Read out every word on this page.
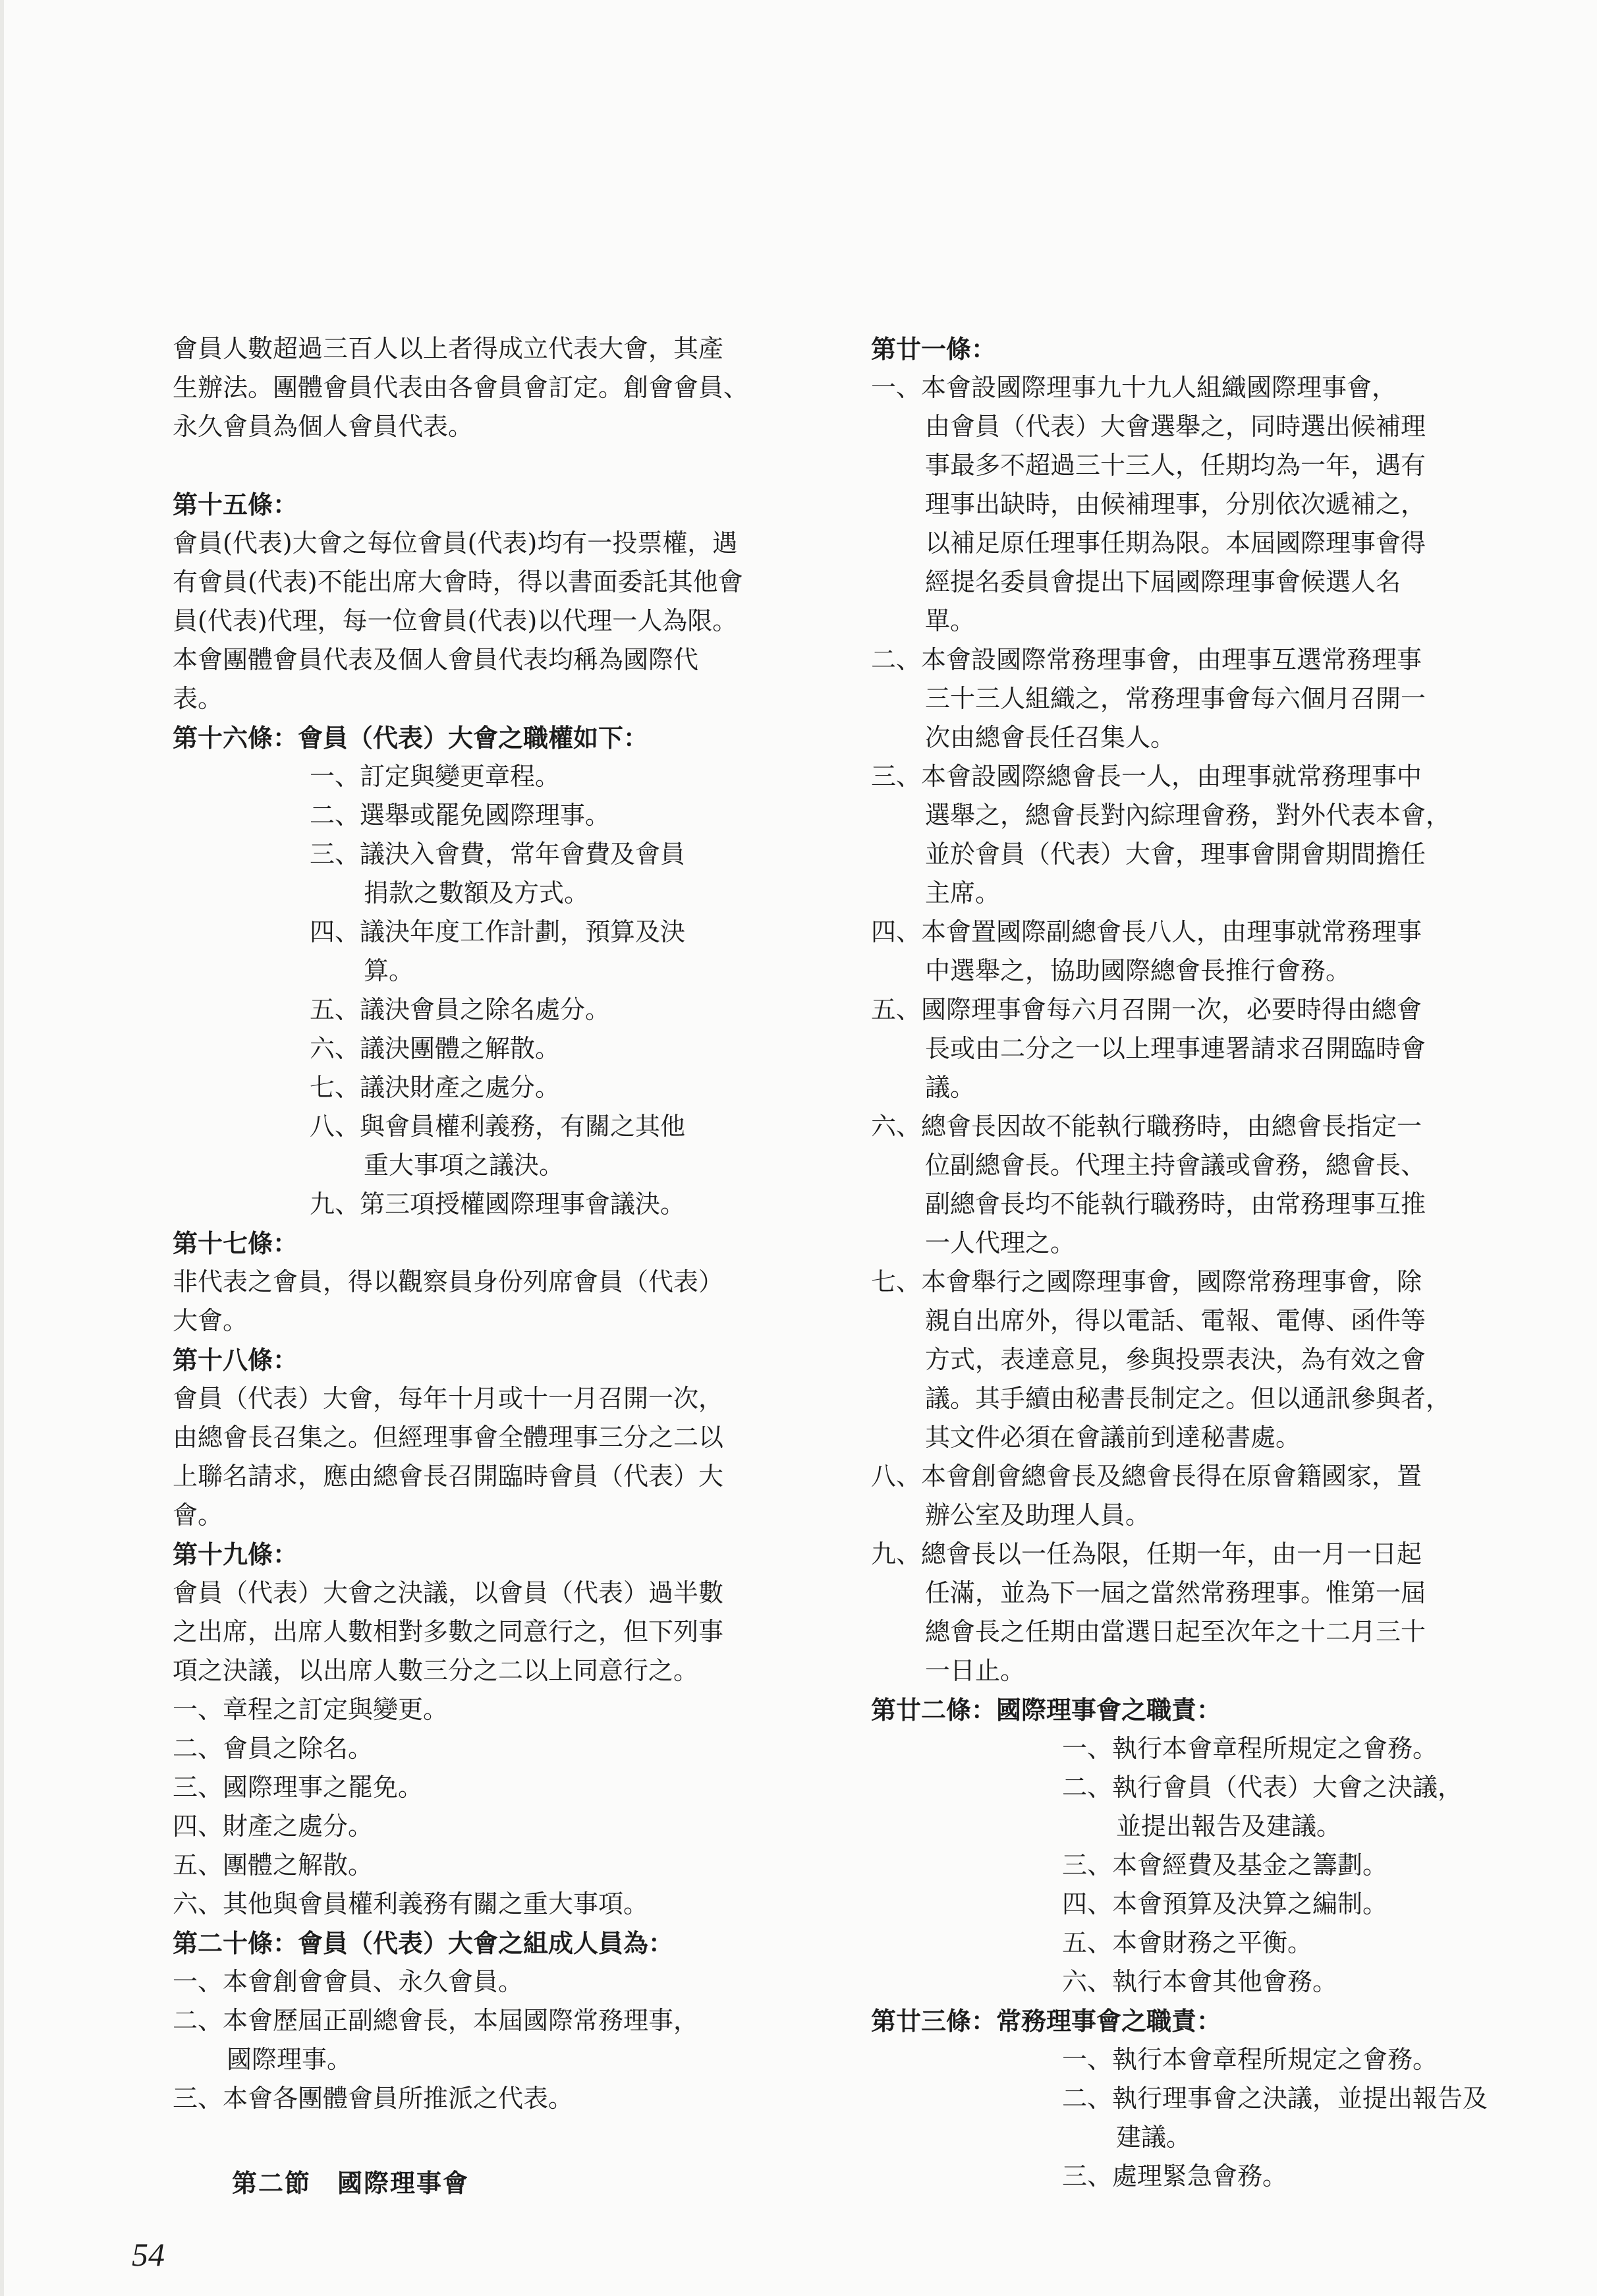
會員人數超過三百人以上者得成立代表大會，其產
生辦法。團體會員代表由各會員會訂定。創會會員、
永久會員為個人會員代表。
第十五條：
會員(代表)大會之每位會員(代表)均有一投票權，遇
有會員(代表)不能出席大會時，得以書面委託其他會
員(代表)代理，每一位會員(代表)以代理一人為限。
本會團體會員代表及個人會員代表均稱為國際代
表。
第十六條：會員（代表）大會之職權如下：
一、訂定與變更章程。
二、選舉或罷免國際理事。
三、議決入會費，常年會費及會員
捐款之數額及方式。
四、議決年度工作計劃，預算及決
算。
五、議決會員之除名處分。
六、議決團體之解散。
七、議決財產之處分。
八、與會員權利義務，有關之其他
重大事項之議決。
九、第三項授權國際理事會議決。
第十七條：
非代表之會員，得以觀察員身份列席會員（代表）
大會。
第十八條：
會員（代表）大會，每年十月或十一月召開一次，
由總會長召集之。但經理事會全體理事三分之二以
上聯名請求，應由總會長召開臨時會員（代表）大
會。
第十九條：
會員（代表）大會之決議，以會員（代表）過半數
之出席，出席人數相對多數之同意行之，但下列事
項之決議，以出席人數三分之二以上同意行之。
一、章程之訂定與變更。
二、會員之除名。
三、國際理事之罷免。
四、財產之處分。
五、團體之解散。
六、其他與會員權利義務有關之重大事項。
第二十條：會員（代表）大會之組成人員為：
一、本會創會會員、永久會員。
二、本會歷屆正副總會長，本屆國際常務理事，
國際理事。
三、本會各團體會員所推派之代表。
第廿一條：
一、本會設國際理事九十九人組織國際理事會，
由會員（代表）大會選舉之，同時選出候補理
事最多不超過三十三人，任期均為一年，遇有
理事出缺時，由候補理事，分別依次遞補之，
以補足原任理事任期為限。本屆國際理事會得
經提名委員會提出下屆國際理事會候選人名
單。
二、本會設國際常務理事會，由理事互選常務理事
三十三人組織之，常務理事會每六個月召開一
次由總會長任召集人。
三、本會設國際總會長一人，由理事就常務理事中
選舉之，總會長對內綜理會務，對外代表本會，
並於會員（代表）大會，理事會開會期間擔任
主席。
四、本會置國際副總會長八人，由理事就常務理事
中選舉之，協助國際總會長推行會務。
五、國際理事會每六月召開一次，必要時得由總會
長或由二分之一以上理事連署請求召開臨時會
議。
六、總會長因故不能執行職務時，由總會長指定一
位副總會長。代理主持會議或會務，總會長、
副總會長均不能執行職務時，由常務理事互推
一人代理之。
七、本會舉行之國際理事會，國際常務理事會，除
親自出席外，得以電話、電報、電傳、函件等
方式，表達意見，參與投票表決，為有效之會
議。其手續由秘書長制定之。但以通訊參與者，
其文件必須在會議前到達秘書處。
八、本會創會總會長及總會長得在原會籍國家，置
辦公室及助理人員。
九、總會長以一任為限，任期一年，由一月一日起
任滿，並為下一屆之當然常務理事。惟第一屆
總會長之任期由當選日起至次年之十二月三十
一日止。
第廿二條：國際理事會之職責：
一、執行本會章程所規定之會務。
二、執行會員（代表）大會之決議，
並提出報告及建議。
三、本會經費及基金之籌劃。
四、本會預算及決算之編制。
五、本會財務之平衡。
六、執行本會其他會務。
第廿三條：常務理事會之職責：
一、執行本會章程所規定之會務。
二、執行理事會之決議，並提出報告及
建議。
三、處理緊急會務。
第二節　國際理事會
54
